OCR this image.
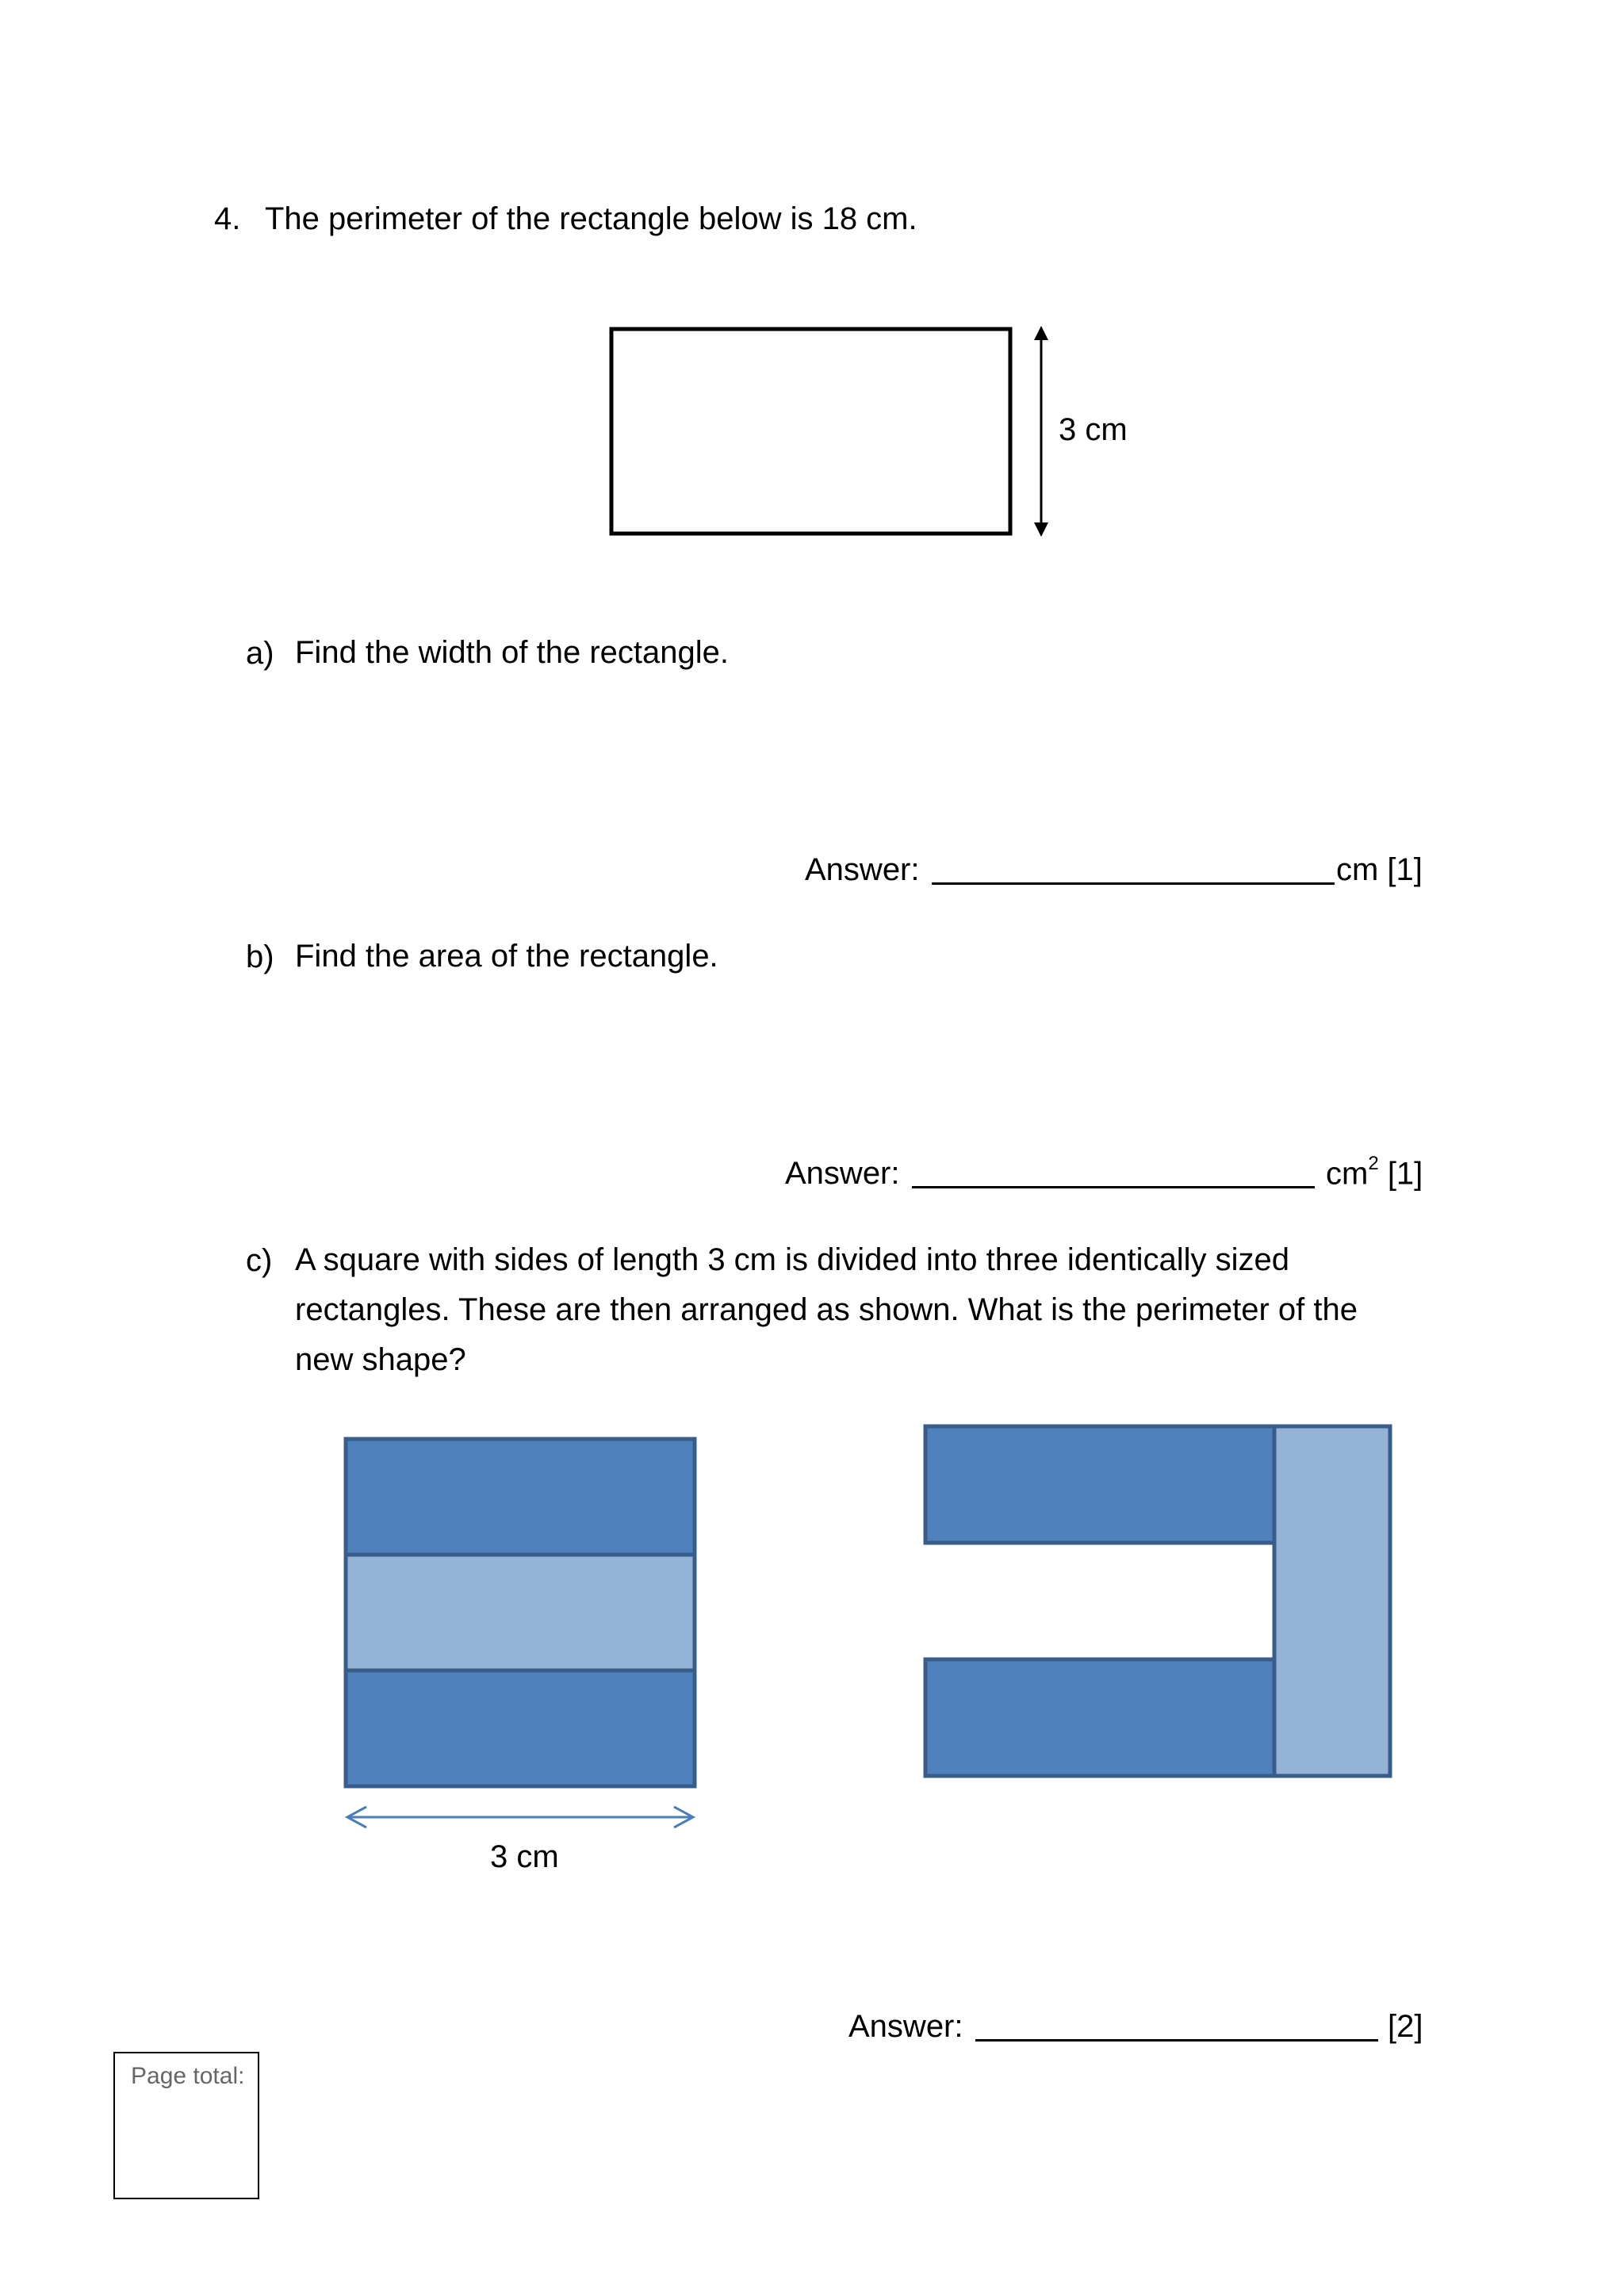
4. The perimeter of the rectangle below is 18 cm.
3 cm
a) Find the width of the rectangle.
Answer:	cm [1]
b) Find the area of the rectangle.
Answer:	$cm^2$ [1]
c) A square with sides of length 3 cm is divided into three identically sized rectangles. These are then arranged as shown. What is the perimeter of the new shape?
3 cm
Answer:	[2]
Page total:
